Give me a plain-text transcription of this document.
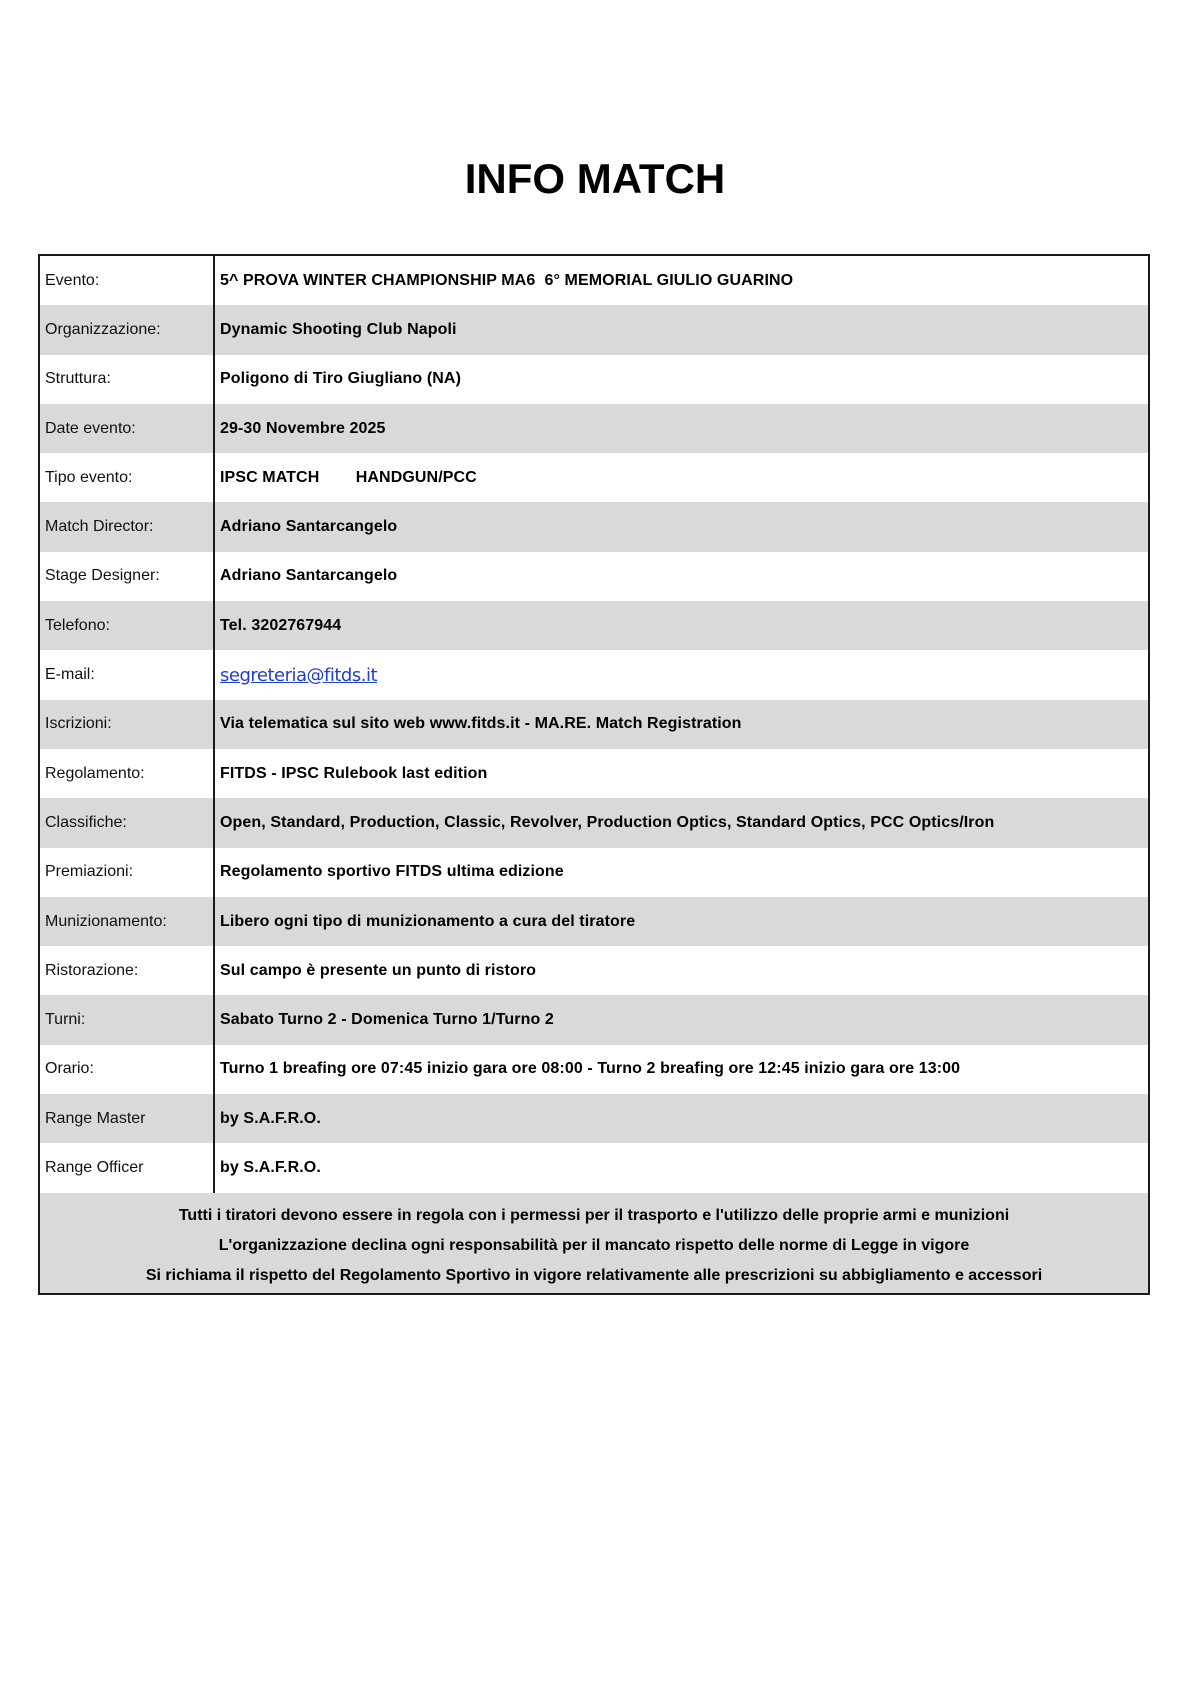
INFO MATCH
Evento:	5^ PROVA WINTER CHAMPIONSHIP MA6  6° MEMORIAL GIULIO GUARINO
Organizzazione:	Dynamic Shooting Club Napoli
Struttura:	Poligono di Tiro Giugliano (NA)
Date evento:	29-30 Novembre 2025
Tipo evento:	IPSC MATCH        HANDGUN/PCC
Match Director:	Adriano Santarcangelo
Stage Designer:	Adriano Santarcangelo
Telefono:	Tel. 3202767944
E-mail:	segreteria@fitds.it
Iscrizioni:	Via telematica sul sito web www.fitds.it - MA.RE. Match Registration
Regolamento:	FITDS - IPSC Rulebook last edition
Classifiche:	Open, Standard, Production, Classic, Revolver, Production Optics, Standard Optics, PCC Optics/Iron
Premiazioni:	Regolamento sportivo FITDS ultima edizione
Munizionamento:	Libero ogni tipo di munizionamento a cura del tiratore
Ristorazione:	Sul campo è presente un punto di ristoro
Turni:	Sabato Turno 2 - Domenica Turno 1/Turno 2
Orario:	Turno 1 breafing ore 07:45 inizio gara ore 08:00 - Turno 2 breafing ore 12:45 inizio gara ore 13:00
Range Master	by S.A.F.R.O.
Range Officer	by S.A.F.R.O.
Tutti i tiratori devono essere in regola con i permessi per il trasporto e l'utilizzo delle proprie armi e munizioni
L'organizzazione declina ogni responsabilità per il mancato rispetto delle norme di Legge in vigore
Si richiama il rispetto del Regolamento Sportivo in vigore relativamente alle prescrizioni su abbigliamento e accessori
